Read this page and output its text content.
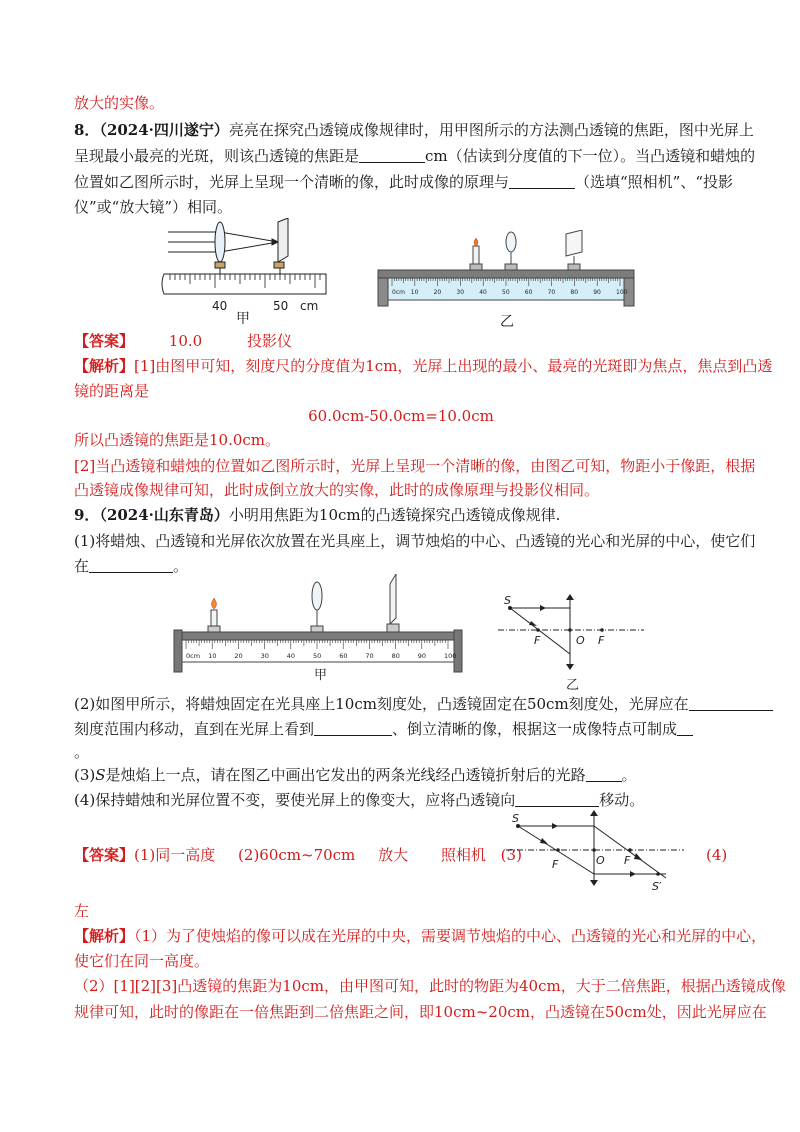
放大的实像。
8．（2024·四川遂宁）亮亮在探究凸透镜成像规律时，用甲图所示的方法测凸透镜的焦距，图中光屏上
呈现最小最亮的光斑，则该凸透镜的焦距是	cm（估读到分度值的下一位）。当凸透镜和蜡烛的
位置如乙图所示时，光屏上呈现一个清晰的像，此时成像的原理与	（选填“照相机”、“投影
仪”或“放大镜”）相同。
40	50 cm
甲
0cm 10	20	30	40	50	60	70	80	90	100
乙
【答案】 10.0	投影仪
【解析】[1]由图甲可知，刻度尺的分度值为1cm，光屏上出现的最小、最亮的光斑即为焦点，焦点到凸透
镜的距离是
60.0cm-50.0cm=10.0cm
所以凸透镜的焦距是10.0cm。
[2]当凸透镜和蜡烛的位置如乙图所示时，光屏上呈现一个清晰的像，由图乙可知，物距小于像距，根据
凸透镜成像规律可知，此时成倒立放大的实像，此时的成像原理与投影仪相同。
9．（2024·山东青岛）小明用焦距为10cm的凸透镜探究凸透镜成像规律.
(1)将蜡烛、凸透镜和光屏依次放置在光具座上，调节烛焰的中心、凸透镜的光心和光屏的中心，使它们
在	。
0cm 10	20	30	40	50	60	70	80	90	100
甲
S
F	O F
乙
(2)如图甲所示，将蜡烛固定在光具座上10cm刻度处，凸透镜固定在50cm刻度处，光屏应在
刻度范围内移动，直到在光屏上看到	、倒立清晰的像，根据这一成像特点可制成
。
(3)S是烛焰上一点，请在图乙中画出它发出的两条光线经凸透镜折射后的光路 。
(4)保持蜡烛和光屏位置不变，要使光屏上的像变大，应将凸透镜向	移动。
【答案】(1)同一高度 (2)60cm~70cm 放大 照相机 (3)	(4)
S
F	O F
S′
左
【解析】（1）为了使烛焰的像可以成在光屏的中央，需要调节烛焰的中心、凸透镜的光心和光屏的中心，
使它们在同一高度。
（2）[1][2][3]凸透镜的焦距为10cm，由甲图可知，此时的物距为40cm，大于二倍焦距，根据凸透镜成像
规律可知，此时的像距在一倍焦距到二倍焦距之间，即10cm~20cm，凸透镜在50cm处，因此光屏应在
